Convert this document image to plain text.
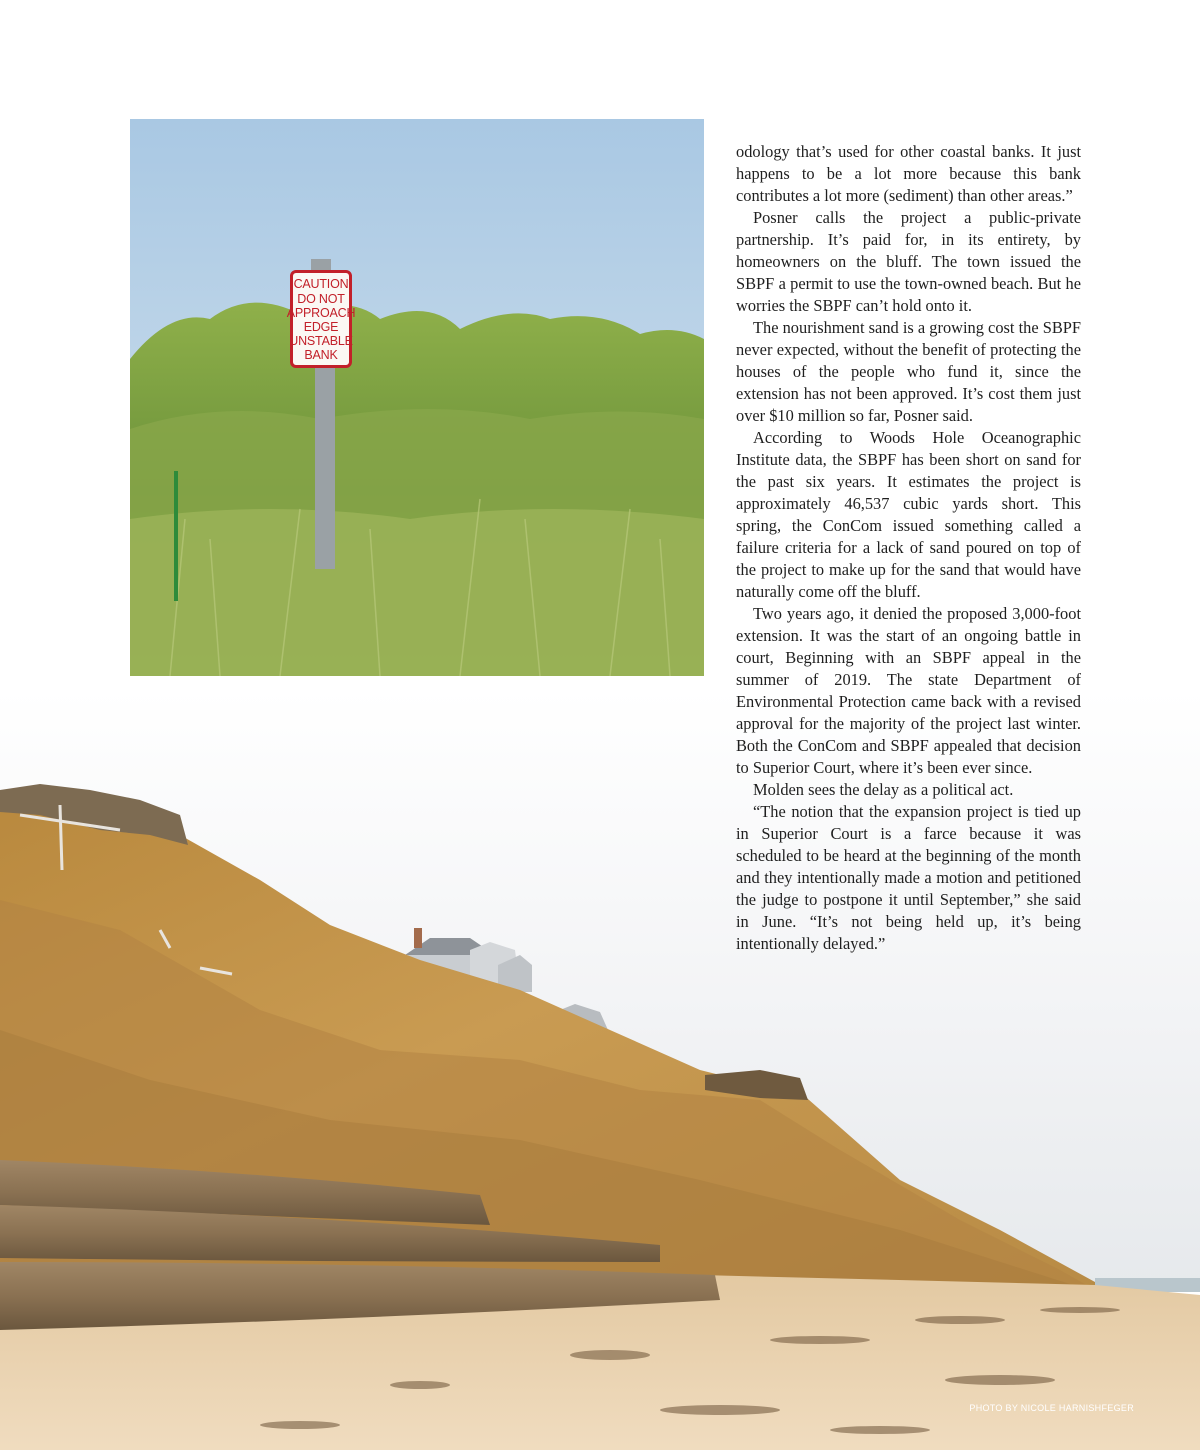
CAUTION
DO NOT
APPROACH
EDGE
UNSTABLE
BANK

odology that’s used for other coastal banks. It just happens to be a lot more because this bank contributes a lot more (sediment) than other areas.”

Posner calls the project a public-private partnership. It’s paid for, in its entirety, by homeowners on the bluff. The town issued the SBPF a permit to use the town-owned beach. But he worries the SBPF can’t hold onto it.

The nourishment sand is a growing cost the SBPF never expected, without the benefit of protecting the houses of the people who fund it, since the extension has not been approved. It’s cost them just over $10 million so far, Posner said.

According to Woods Hole Oceanographic Institute data, the SBPF has been short on sand for the past six years. It estimates the project is approximately 46,537 cubic yards short. This spring, the ConCom issued something called a failure criteria for a lack of sand poured on top of the project to make up for the sand that would have naturally come off the bluff.

Two years ago, it denied the proposed 3,000-foot extension. It was the start of an ongoing battle in court, Beginning with an SBPF appeal in the summer of 2019. The state Department of Environmental Protection came back with a revised approval for the majority of the project last winter. Both the ConCom and SBPF appealed that decision to Superior Court, where it’s been ever since.

Molden sees the delay as a political act.

“The notion that the expansion project is tied up in Superior Court is a farce because it was scheduled to be heard at the beginning of the month and they intentionally made a motion and petitioned the judge to postpone it until September,” she said in June. “It’s not being held up, it’s being intentionally delayed.”

PHOTO BY NICOLE HARNISHFEGER
